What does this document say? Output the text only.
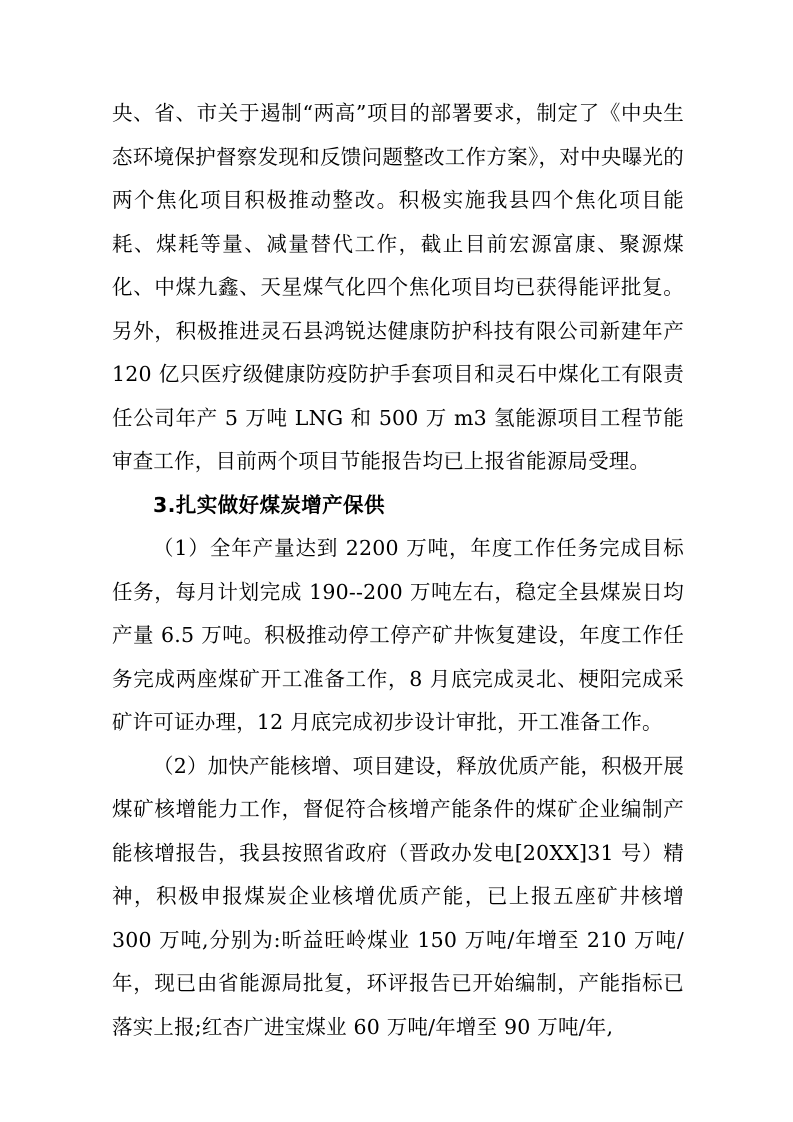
央、省、市关于遏制“两高”项目的部署要求，制定了《中央生态环境保护督察发现和反馈问题整改工作方案》，对中央曝光的两个焦化项目积极推动整改。积极实施我县四个焦化项目能耗、煤耗等量、减量替代工作，截止目前宏源富康、聚源煤化、中煤九鑫、天星煤气化四个焦化项目均已获得能评批复。另外，积极推进灵石县鸿锐达健康防护科技有限公司新建年产 120 亿只医疗级健康防疫防护手套项目和灵石中煤化工有限责任公司年产 5 万吨 LNG 和 500 万 m3 氢能源项目工程节能审查工作，目前两个项目节能报告均已上报省能源局受理。

3.扎实做好煤炭增产保供

（1）全年产量达到 2200 万吨，年度工作任务完成目标任务，每月计划完成 190--200 万吨左右，稳定全县煤炭日均产量 6.5 万吨。积极推动停工停产矿井恢复建设，年度工作任务完成两座煤矿开工准备工作，8 月底完成灵北、梗阳完成采矿许可证办理，12 月底完成初步设计审批，开工准备工作。

（2）加快产能核增、项目建设，释放优质产能，积极开展煤矿核增能力工作，督促符合核增产能条件的煤矿企业编制产能核增报告，我县按照省政府（晋政办发电[20XX]31 号）精神，积极申报煤炭企业核增优质产能，已上报五座矿井核增 300 万吨,分别为:昕益旺岭煤业 150 万吨/年增至 210 万吨/年，现已由省能源局批复，环评报告已开始编制，产能指标已落实上报;红杏广进宝煤业 60 万吨/年增至 90 万吨/年,
